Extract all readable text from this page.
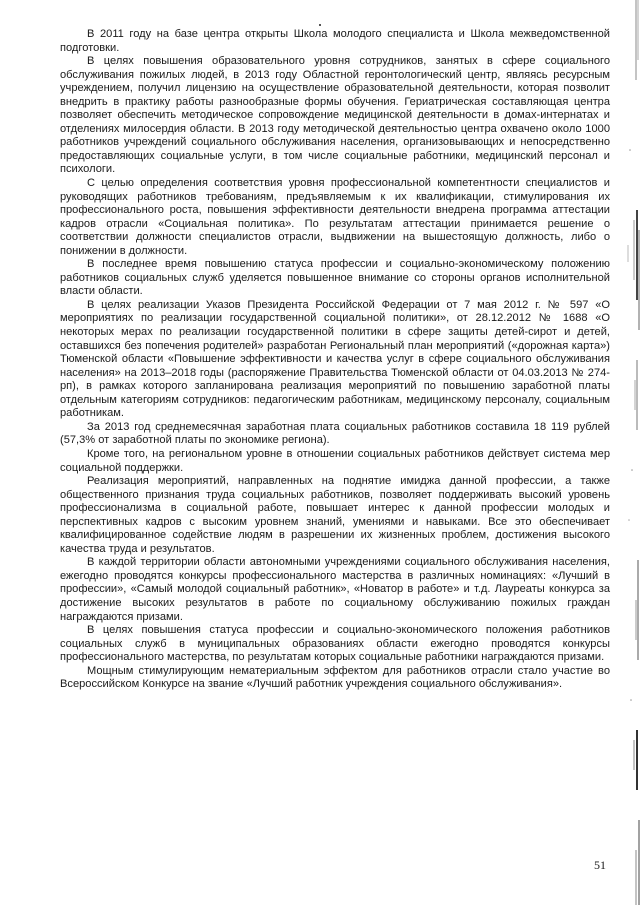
В 2011 году на базе центра открыты Школа молодого специалиста и Школа межведомственной подготовки.

В целях повышения образовательного уровня сотрудников, занятых в сфере социального обслуживания пожилых людей, в 2013 году Областной геронтологический центр, являясь ресурсным учреждением, получил лицензию на осуществление образовательной деятельности, которая позволит внедрить в практику работы разнообразные формы обучения. Гериатрическая составляющая центра позволяет обеспечить методическое сопровождение медицинской деятельности в домах-интернатах и отделениях милосердия области. В 2013 году методической деятельностью центра охвачено около 1000 работников учреждений социального обслуживания населения, организовывающих и непосредственно предоставляющих социальные услуги, в том числе социальные работники, медицинский персонал и психологи.

С целью определения соответствия уровня профессиональной компетентности специалистов и руководящих работников требованиям, предъявляемым к их квалификации, стимулирования их профессионального роста, повышения эффективности деятельности внедрена программа аттестации кадров отрасли «Социальная политика». По результатам аттестации принимается решение о соответствии должности специалистов отрасли, выдвижении на вышестоящую должность, либо о понижении в должности.

В последнее время повышению статуса профессии и социально-экономическому положению работников социальных служб уделяется повышенное внимание со стороны органов исполнительной власти области.

В целях реализации Указов Президента Российской Федерации от 7 мая 2012 г. № 597 «О мероприятиях по реализации государственной социальной политики», от 28.12.2012 № 1688 «О некоторых мерах по реализации государственной политики в сфере защиты детей-сирот и детей, оставшихся без попечения родителей» разработан Региональный план мероприятий («дорожная карта») Тюменской области «Повышение эффективности и качества услуг в сфере социального обслуживания населения» на 2013–2018 годы (распоряжение Правительства Тюменской области от 04.03.2013 № 274-рп), в рамках которого запланирована реализация мероприятий по повышению заработной платы отдельным категориям сотрудников: педагогическим работникам, медицинскому персоналу, социальным работникам.

За 2013 год среднемесячная заработная плата социальных работников составила 18 119 рублей (57,3% от заработной платы по экономике региона).

Кроме того, на региональном уровне в отношении социальных работников действует система мер социальной поддержки.

Реализация мероприятий, направленных на поднятие имиджа данной профессии, а также общественного признания труда социальных работников, позволяет поддерживать высокий уровень профессионализма в социальной работе, повышает интерес к данной профессии молодых и перспективных кадров с высоким уровнем знаний, умениями и навыками. Все это обеспечивает квалифицированное содействие людям в разрешении их жизненных проблем, достижения высокого качества труда и результатов.

В каждой территории области автономными учреждениями социального обслуживания населения, ежегодно проводятся конкурсы профессионального мастерства в различных номинациях: «Лучший в профессии», «Самый молодой социальный работник», «Новатор в работе» и т.д. Лауреаты конкурса за достижение высоких результатов в работе по социальному обслуживанию пожилых граждан награждаются призами.

В целях повышения статуса профессии и социально-экономического положения работников социальных служб в муниципальных образованиях области ежегодно проводятся конкурсы профессионального мастерства, по результатам которых социальные работники награждаются призами.

Мощным стимулирующим нематериальным эффектом для работников отрасли стало участие во Всероссийском Конкурсе на звание «Лучший работник учреждения социального обслуживания».

51
